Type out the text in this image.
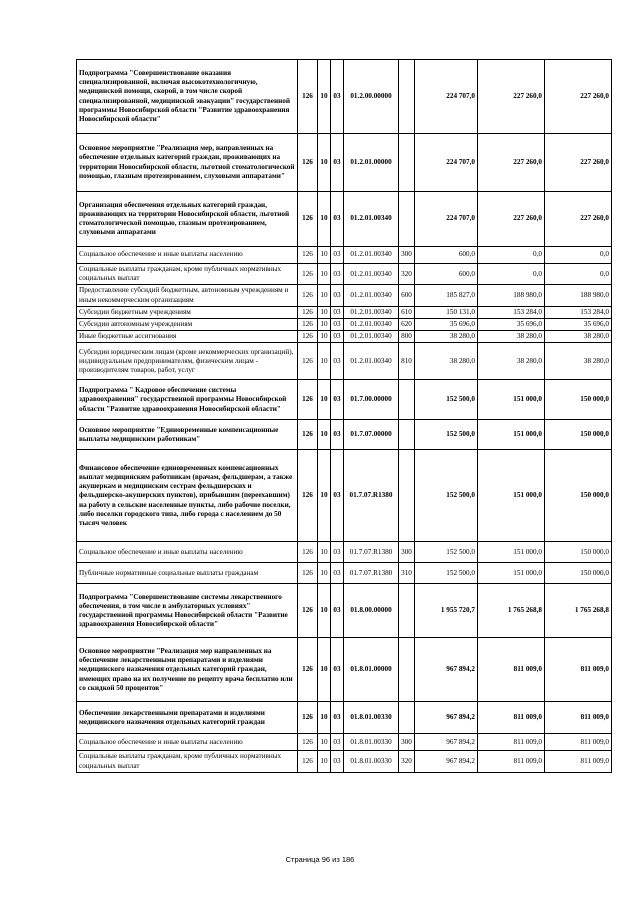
Подпрограмма "Совершенствование оказания специализированной, включая высокотехнологичную, медицинской помощи, скорой, в том числе скорой специализированной, медицинской эвакуации" государственной программы Новосибирской области "Развитие здравоохранения Новосибирской области"	126	10	03	01.2.00.00000		224 707,0	227 260,0	227 260,0
Основное мероприятие "Реализация мер, направленных на обеспечение отдельных категорий граждан, проживающих на территории Новосибирской области, льготной стоматологической помощью, глазным протезированием, слуховыми аппаратами"	126	10	03	01.2.01.00000		224 707,0	227 260,0	227 260,0
Организация обеспечения отдельных категорий граждан, проживающих на территории Новосибирской области, льготной стоматологической помощью, глазным протезированием, слуховыми аппаратами	126	10	03	01.2.01.00340		224 707,0	227 260,0	227 260,0
Социальное обеспечение и иные выплаты населению	126	10	03	01.2.01.00340	300	600,0	0,0	0,0
Социальные выплаты гражданам, кроме публичных нормативных социальных выплат	126	10	03	01.2.01.00340	320	600,0	0,0	0,0
Предоставление субсидий бюджетным, автономным учреждениям и иным некоммерческим организациям	126	10	03	01.2.01.00340	600	185 827,0	188 980,0	188 980,0
Субсидии бюджетным учреждениям	126	10	03	01.2.01.00340	610	150 131,0	153 284,0	153 284,0
Субсидии автономным учреждениям	126	10	03	01.2.01.00340	620	35 696,0	35 696,0	35 696,0
Иные бюджетные ассигнования	126	10	03	01.2.01.00340	800	38 280,0	38 280,0	38 280,0
Субсидии юридическим лицам (кроме некоммерческих организаций), индивидуальным предпринимателям, физическим лицам - производителям товаров, работ, услуг	126	10	03	01.2.01.00340	810	38 280,0	38 280,0	38 280,0
Подпрограмма " Кадровое обеспечение системы здравоохранения" государственной программы Новосибирской области "Развитие здравоохранения Новосибирской области"	126	10	03	01.7.00.00000		152 500,0	151 000,0	150 000,0
Основное мероприятие "Единовременные компенсационные выплаты медицинским работникам"	126	10	03	01.7.07.00000		152 500,0	151 000,0	150 000,0
Финансовое обеспечение единовременных компенсационных выплат медицинским работникам (врачам, фельдшерам, а также акушеркам и медицинским сестрам фельдшерских и фельдшерско-акушерских пунктов), прибывшим (переехавшим) на работу в сельские населенные пункты, либо рабочие поселки, либо поселки городского типа, либо города с населением до 50 тысяч человек	126	10	03	01.7.07.R1380		152 500,0	151 000,0	150 000,0
Социальное обеспечение и иные выплаты населению	126	10	03	01.7.07.R1380	300	152 500,0	151 000,0	150 000,0
Публичные нормативные социальные выплаты гражданам	126	10	03	01.7.07.R1380	310	152 500,0	151 000,0	150 000,0
Подпрограмма "Совершенствование системы лекарственного обеспечения, в том числе в амбулаторных условиях" государственной программы Новосибирской области "Развитие здравоохранения Новосибирской области"	126	10	03	01.8.00.00000		1 955 720,7	1 765 268,8	1 765 268,8
Основное мероприятие "Реализация мер направленных на обеспечение лекарственными препаратами и изделиями медицинского назначения отдельных категорий граждан, имеющих право на их получение по рецепту врача бесплатно или со скидкой 50 процентов"	126	10	03	01.8.01.00000		967 894,2	811 009,0	811 009,0
Обеспечение лекарственными препаратами и изделиями медицинского назначения отдельных категорий граждан	126	10	03	01.8.01.00330		967 894,2	811 009,0	811 009,0
Социальное обеспечение и иные выплаты населению	126	10	03	01.8.01.00330	300	967 894,2	811 009,0	811 009,0
Социальные выплаты гражданам, кроме публичных нормативных социальных выплат	126	10	03	01.8.01.00330	320	967 894,2	811 009,0	811 009,0
Страница 96 из 186
